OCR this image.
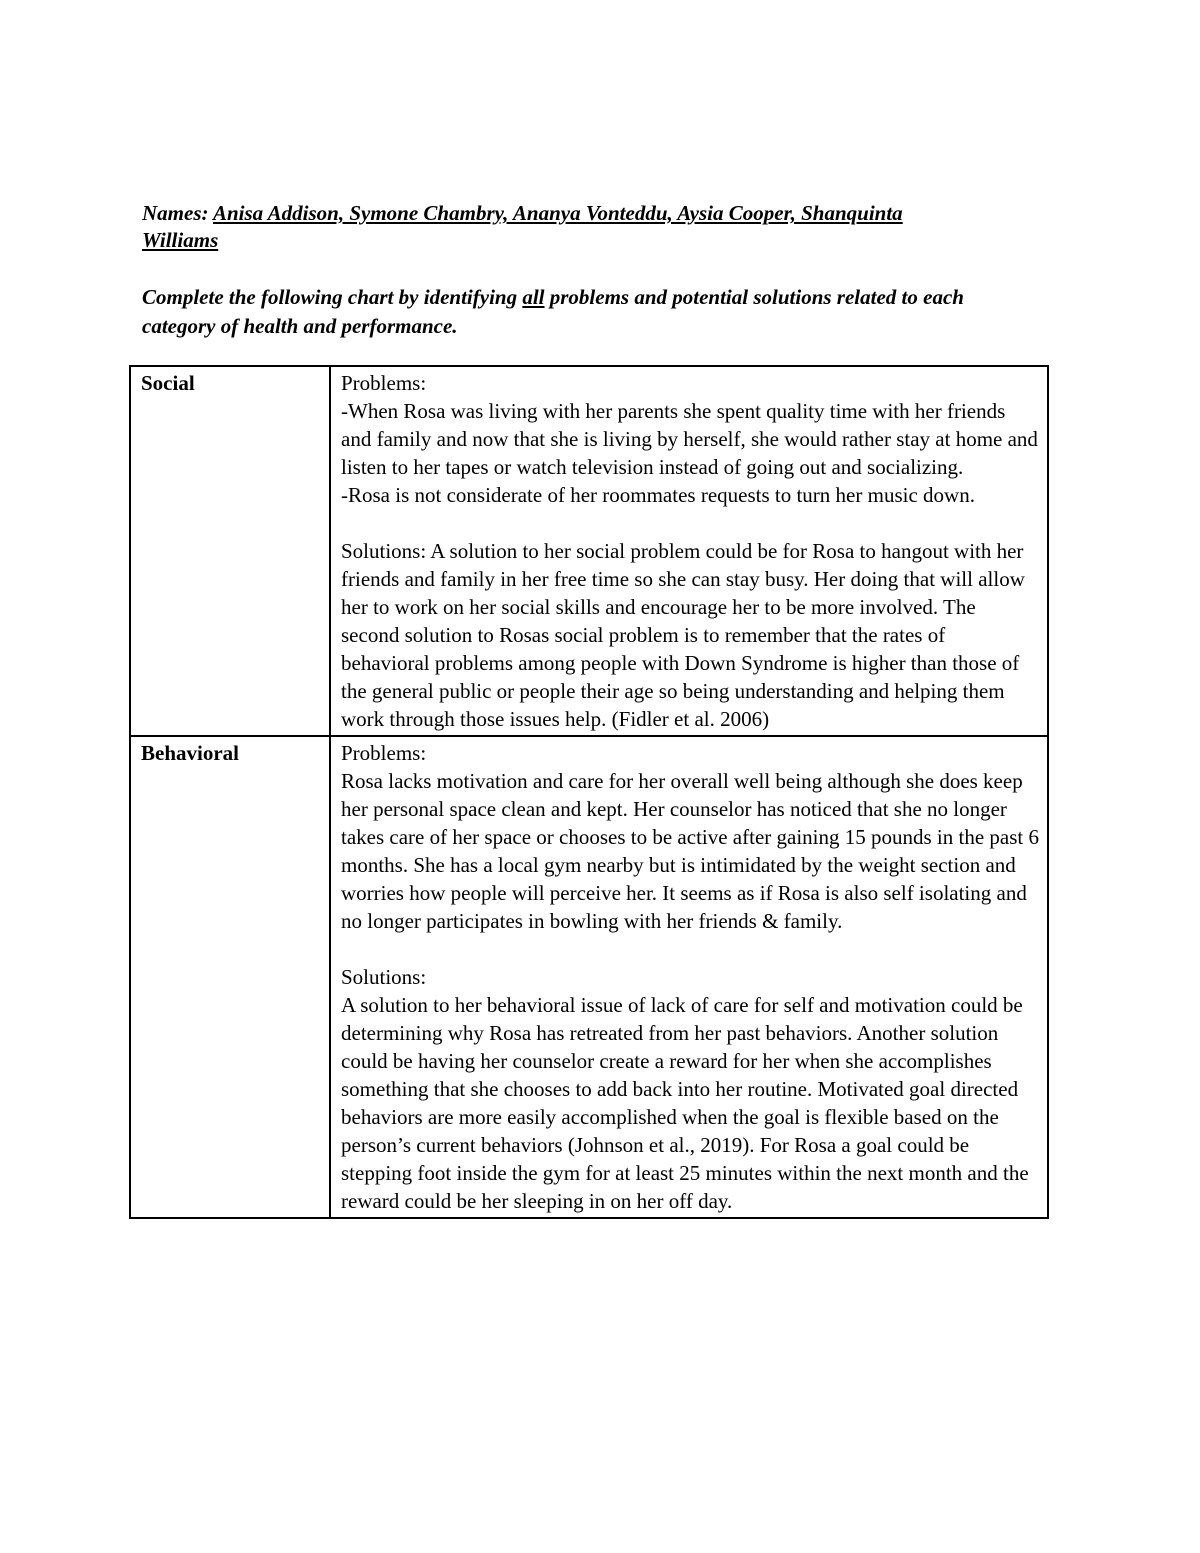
Names: Anisa Addison, Symone Chambry, Ananya Vonteddu, Aysia Cooper, Shanquinta
Williams
Complete the following chart by identifying all problems and potential solutions related to each category of health and performance.
Social	Problems:
-When Rosa was living with her parents she spent quality time with her friends and family and now that she is living by herself, she would rather stay at home and listen to her tapes or watch television instead of going out and socializing.
-Rosa is not considerate of her roommates requests to turn her music down.
Solutions: A solution to her social problem could be for Rosa to hangout with her friends and family in her free time so she can stay busy. Her doing that will allow her to work on her social skills and encourage her to be more involved. The second solution to Rosas social problem is to remember that the rates of behavioral problems among people with Down Syndrome is higher than those of the general public or people their age so being understanding and helping them work through those issues help. (Fidler et al. 2006)

Behavioral	Problems:
Rosa lacks motivation and care for her overall well being although she does keep her personal space clean and kept. Her counselor has noticed that she no longer takes care of her space or chooses to be active after gaining 15 pounds in the past 6 months. She has a local gym nearby but is intimidated by the weight section and worries how people will perceive her. It seems as if Rosa is also self isolating and no longer participates in bowling with her friends & family.
Solutions:
A solution to her behavioral issue of lack of care for self and motivation could be determining why Rosa has retreated from her past behaviors. Another solution could be having her counselor create a reward for her when she accomplishes something that she chooses to add back into her routine. Motivated goal directed behaviors are more easily accomplished when the goal is flexible based on the person’s current behaviors (Johnson et al., 2019). For Rosa a goal could be stepping foot inside the gym for at least 25 minutes within the next month and the reward could be her sleeping in on her off day.
